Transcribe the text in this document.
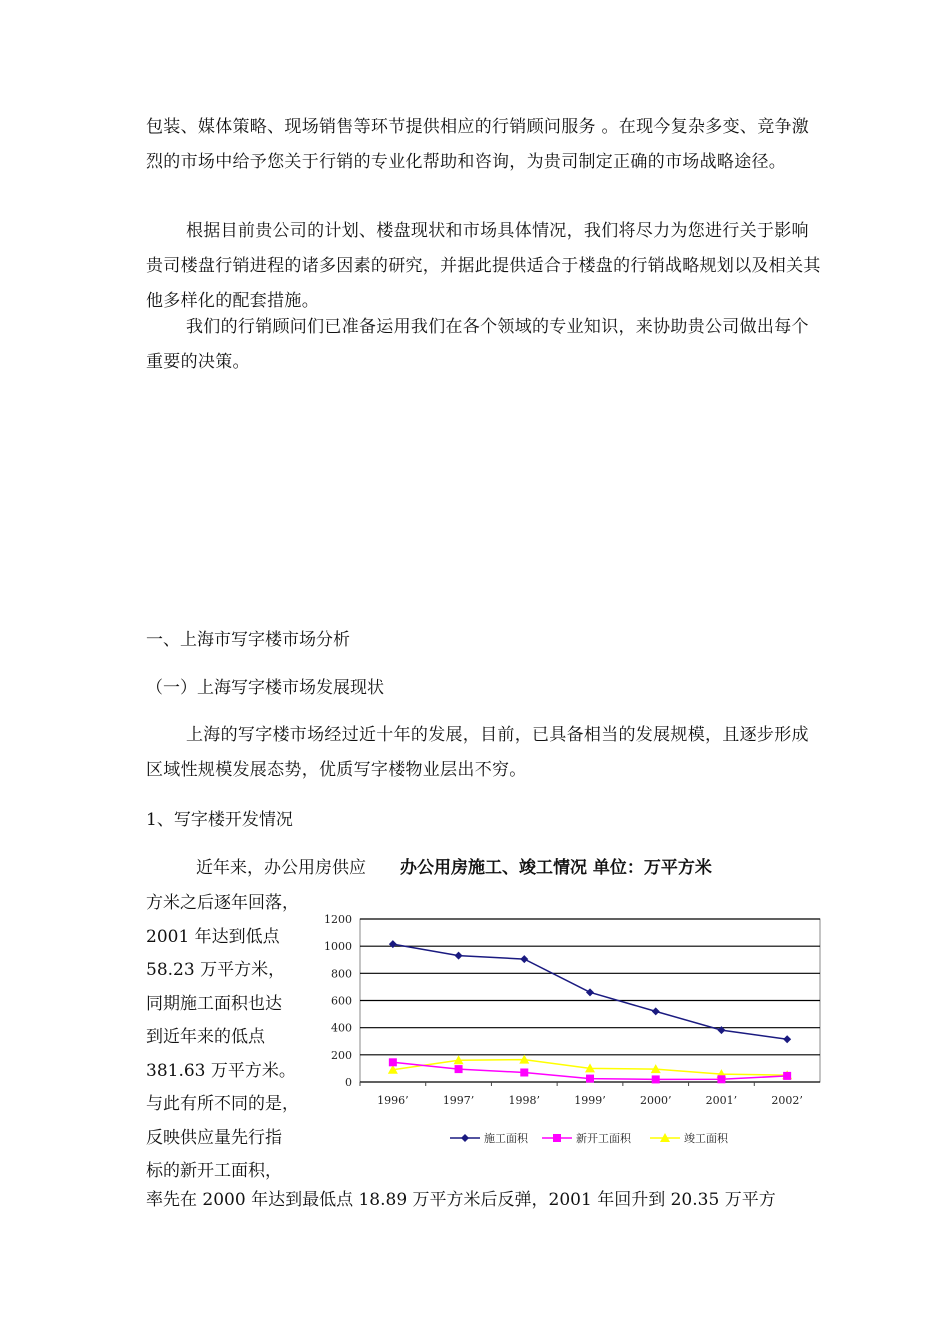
包装、媒体策略、现场销售等环节提供相应的行销顾问服务 。在现今复杂多变、竞争激烈的市场中给予您关于行销的专业化帮助和咨询，为贵司制定正确的市场战略途径。

根据目前贵公司的计划、楼盘现状和市场具体情况，我们将尽力为您进行关于影响贵司楼盘行销进程的诸多因素的研究，并据此提供适合于楼盘的行销战略规划以及相关其他多样化的配套措施。

我们的行销顾问们已准备运用我们在各个领域的专业知识，来协助贵公司做出每个重要的决策。

一、上海市写字楼市场分析

（一）上海写字楼市场发展现状

上海的写字楼市场经过近十年的发展，目前，已具备相当的发展规模，且逐步形成区域性规模发展态势，优质写字楼物业层出不穷。

1、写字楼开发情况

近年来，办公用房供应 办公用房施工、竣工情况 单位：万平方米
方米之后逐年回落，
2001 年达到低点
58.23 万平方米，
同期施工面积也达
到近年来的低点
381.63 万平方米。
与此有所不同的是，
反映供应量先行指
标的新开工面积，

率先在 2000 年达到最低点 18.89 万平方米后反弹，2001 年回升到 20.35 万平方

0
200
400
600
800
1000
1200
1996’	1997’	1998’	1999’	2000’	2001’	2002’
施工面积	新开工面积	竣工面积
